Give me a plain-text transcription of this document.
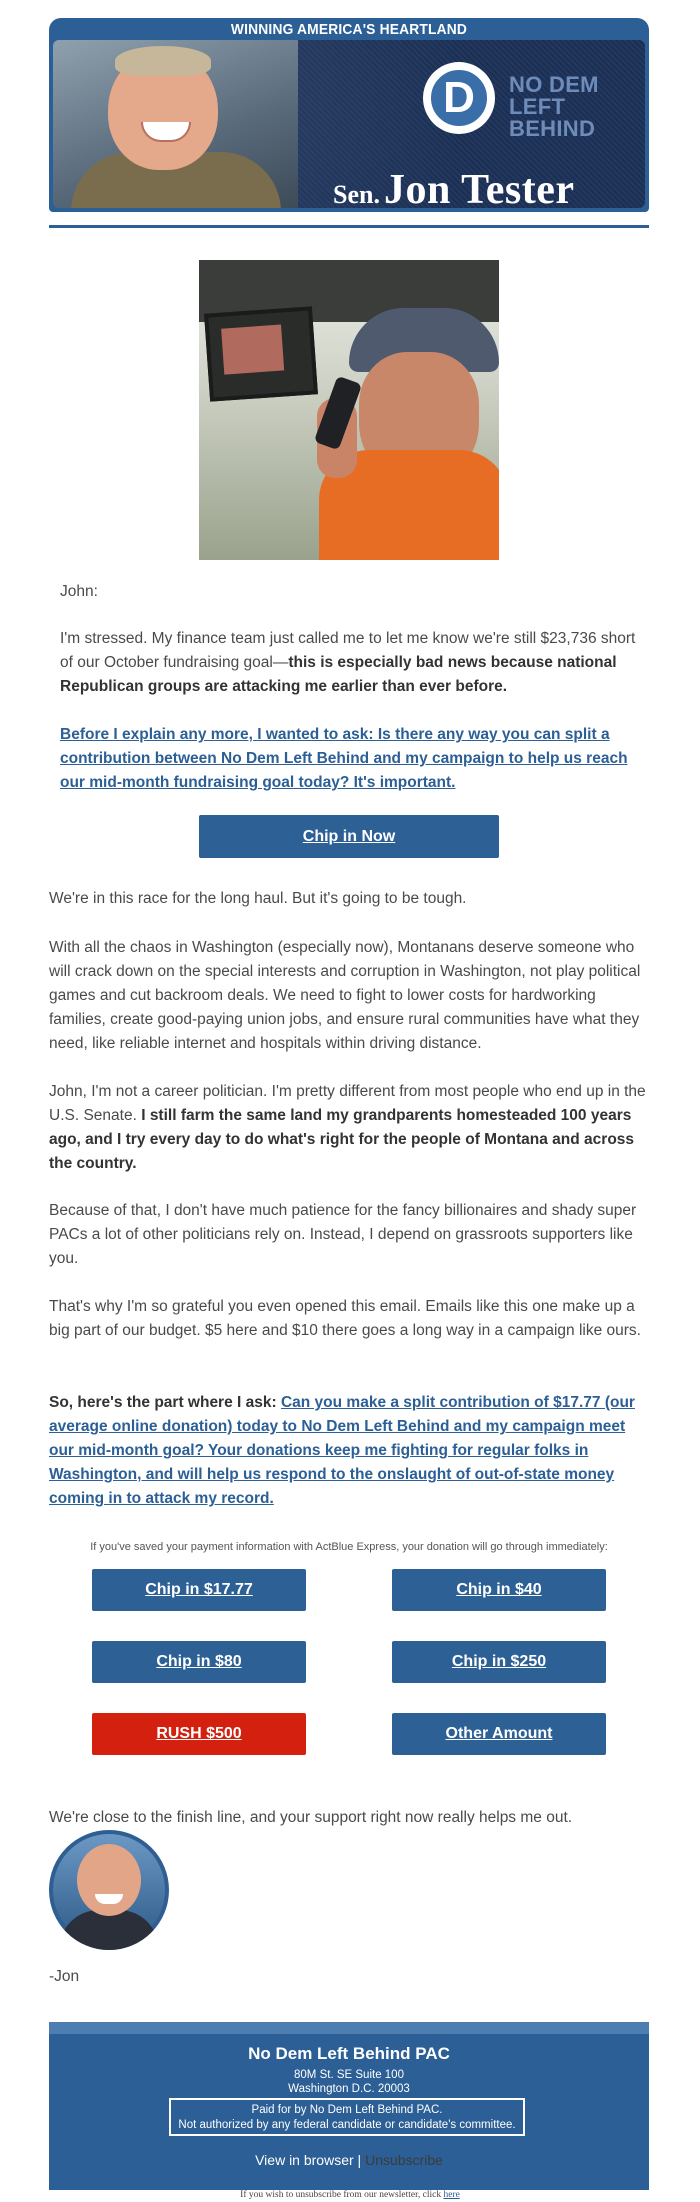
WINNING AMERICA'S HEARTLAND
D	NO DEM
LEFT BEHIND
Sen. Jon Tester
John:
I'm stressed. My finance team just called me to let me know we're still $23,736 short of our October fundraising goal—this is especially bad news because national Republican groups are attacking me earlier than ever before.
Before I explain any more, I wanted to ask: Is there any way you can split a contribution between No Dem Left Behind and my campaign to help us reach our mid-month fundraising goal today? It's important.
Chip in Now
We're in this race for the long haul. But it's going to be tough.
With all the chaos in Washington (especially now), Montanans deserve someone who will crack down on the special interests and corruption in Washington, not play political games and cut backroom deals. We need to fight to lower costs for hardworking families, create good-paying union jobs, and ensure rural communities have what they need, like reliable internet and hospitals within driving distance.
John, I'm not a career politician. I'm pretty different from most people who end up in the U.S. Senate. I still farm the same land my grandparents homesteaded 100 years ago, and I try every day to do what's right for the people of Montana and across the country.
Because of that, I don't have much patience for the fancy billionaires and shady super PACs a lot of other politicians rely on. Instead, I depend on grassroots supporters like you.
That's why I'm so grateful you even opened this email. Emails like this one make up a big part of our budget. $5 here and $10 there goes a long way in a campaign like ours.
So, here's the part where I ask: Can you make a split contribution of $17.77 (our average online donation) today to No Dem Left Behind and my campaign meet our mid-month goal? Your donations keep me fighting for regular folks in Washington, and will help us respond to the onslaught of out-of-state money coming in to attack my record.
If you've saved your payment information with ActBlue Express, your donation will go through immediately:
Chip in $17.77	Chip in $40
Chip in $80	Chip in $250
RUSH $500	Other Amount
We're close to the finish line, and your support right now really helps me out.
-Jon
No Dem Left Behind PAC
80M St. SE Suite 100
Washington D.C. 20003
Paid for by No Dem Left Behind PAC.
Not authorized by any federal candidate or candidate's committee.
View in browser | Unsubscribe
If you wish to unsubscribe from our newsletter, click here
